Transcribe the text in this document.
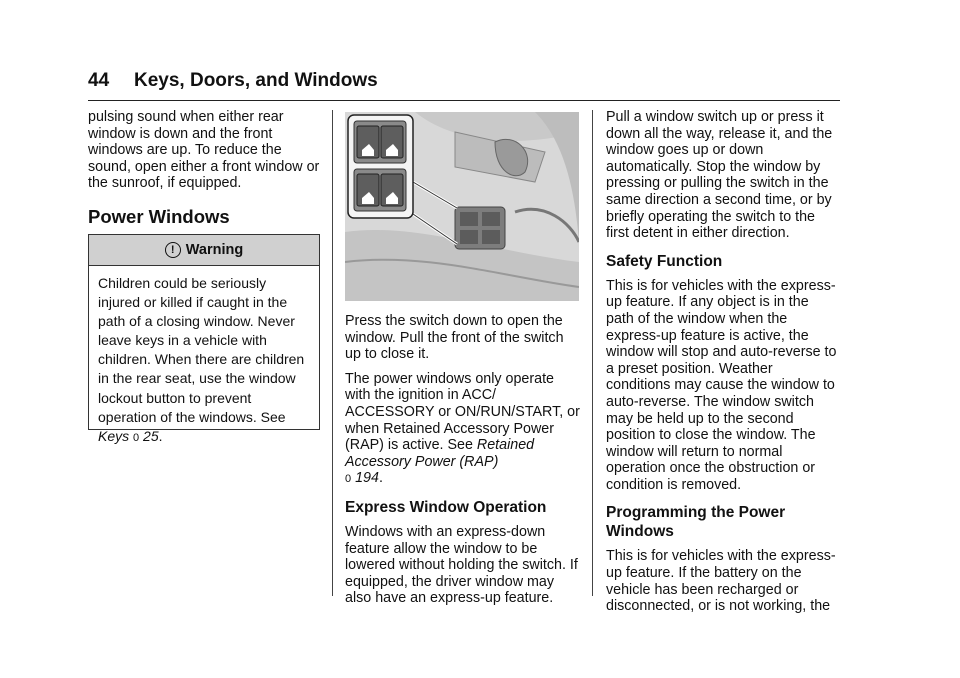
44 Keys, Doors, and Windows

pulsing sound when either rear window is down and the front windows are up. To reduce the sound, open either a front window or the sunroof, if equipped.

Power Windows
! Warning
Children could be seriously injured or killed if caught in the path of a closing window. Never leave keys in a vehicle with children. When there are children in the rear seat, use the window lockout button to prevent operation of the windows. See Keys 0 25.

Press the switch down to open the window. Pull the front of the switch up to close it.

The power windows only operate with the ignition in ACC/ ACCESSORY or ON/RUN/START, or when Retained Accessory Power (RAP) is active. See Retained Accessory Power (RAP)
0 194.

Express Window Operation

Windows with an express-down feature allow the window to be lowered without holding the switch. If equipped, the driver window may also have an express-up feature.

Pull a window switch up or press it down all the way, release it, and the window goes up or down automatically. Stop the window by pressing or pulling the switch in the same direction a second time, or by briefly operating the switch to the first detent in either direction.

Safety Function

This is for vehicles with the express-up feature. If any object is in the path of the window when the express-up feature is active, the window will stop and auto-reverse to a preset position. Weather conditions may cause the window to auto-reverse. The window switch may be held up to the second position to close the window. The window will return to normal operation once the obstruction or condition is removed.

Programming the Power Windows

This is for vehicles with the express-up feature. If the battery on the vehicle has been recharged or disconnected, or is not working, the
